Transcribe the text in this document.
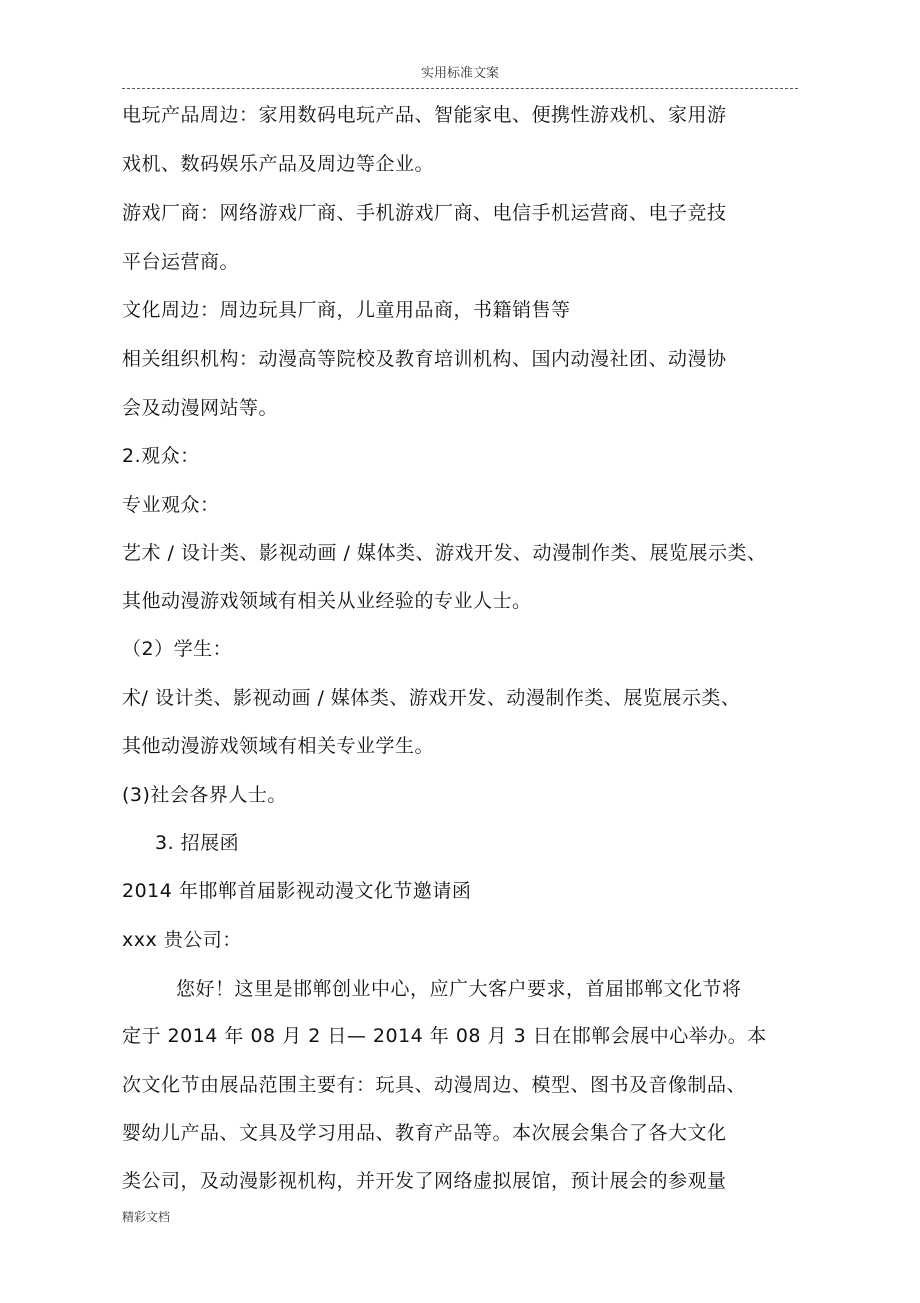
实用标准文案
电玩产品周边：家用数码电玩产品、智能家电、便携性游戏机、家用游
戏机、数码娱乐产品及周边等企业。
游戏厂商：网络游戏厂商、手机游戏厂商、电信手机运营商、电子竞技
平台运营商。
文化周边：周边玩具厂商，儿童用品商，书籍销售等
相关组织机构：动漫高等院校及教育培训机构、国内动漫社团、动漫协
会及动漫网站等。
2.观众：
专业观众：
艺术 / 设计类、影视动画 / 媒体类、游戏开发、动漫制作类、展览展示类、
其他动漫游戏领域有相关从业经验的专业人士。
（2）学生：
术/ 设计类、影视动画 / 媒体类、游戏开发、动漫制作类、展览展示类、
其他动漫游戏领域有相关专业学生。
(3)社会各界人士。
3. 招展函
2014 年邯郸首届影视动漫文化节邀请函
xxx 贵公司：
您好！这里是邯郸创业中心，应广大客户要求，首届邯郸文化节将
定于 2014 年 08 月 2 日— 2014 年 08 月 3 日在邯郸会展中心举办。本
次文化节由展品范围主要有：玩具、动漫周边、模型、图书及音像制品、
婴幼儿产品、文具及学习用品、教育产品等。本次展会集合了各大文化
类公司，及动漫影视机构，并开发了网络虚拟展馆，预计展会的参观量
精彩文档
